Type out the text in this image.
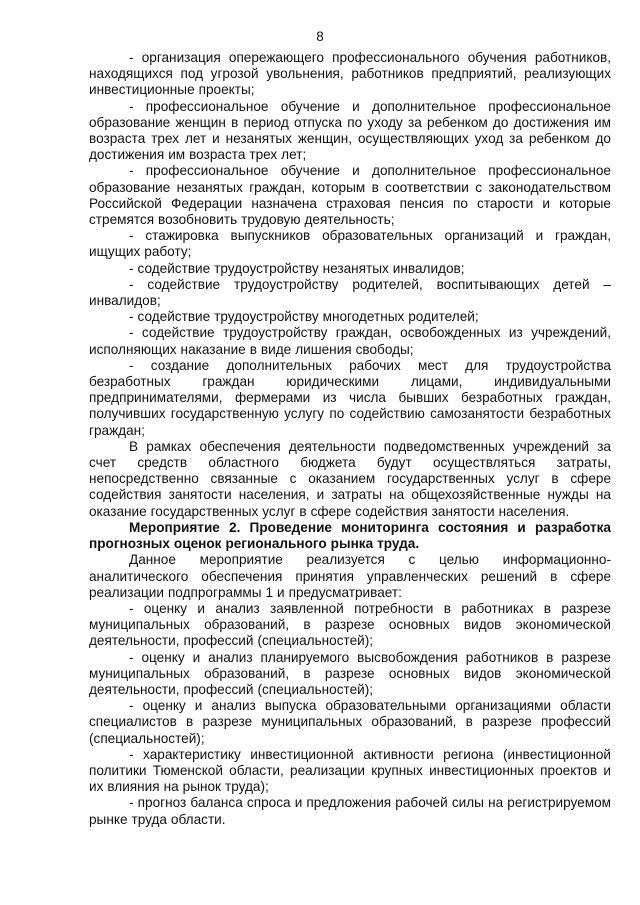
8

- организация опережающего профессионального обучения работников, находящихся под угрозой увольнения, работников предприятий, реализующих инвестиционные проекты;

- профессиональное обучение и дополнительное профессиональное образование женщин в период отпуска по уходу за ребенком до достижения им возраста трех лет и незанятых женщин, осуществляющих уход за ребенком до достижения им возраста трех лет;

- профессиональное обучение и дополнительное профессиональное образование незанятых граждан, которым в соответствии с законодательством Российской Федерации назначена страховая пенсия по старости и которые стремятся возобновить трудовую деятельность;

- стажировка выпускников образовательных организаций и граждан, ищущих работу;

- содействие трудоустройству незанятых инвалидов;

- содействие трудоустройству родителей, воспитывающих детей – инвалидов;

- содействие трудоустройству многодетных родителей;

- содействие трудоустройству граждан, освобожденных из учреждений, исполняющих наказание в виде лишения свободы;

- создание дополнительных рабочих мест для трудоустройства безработных граждан юридическими лицами, индивидуальными предпринимателями, фермерами из числа бывших безработных граждан, получивших государственную услугу по содействию самозанятости безработных граждан;

В рамках обеспечения деятельности подведомственных учреждений за счет средств областного бюджета будут осуществляться затраты, непосредственно связанные с оказанием государственных услуг в сфере содействия занятости населения, и затраты на общехозяйственные нужды на оказание государственных услуг в сфере содействия занятости населения.

Мероприятие 2. Проведение мониторинга состояния и разработка прогнозных оценок регионального рынка труда.

Данное мероприятие реализуется с целью информационно-аналитического обеспечения принятия управленческих решений в сфере реализации подпрограммы 1 и предусматривает:

- оценку и анализ заявленной потребности в работниках в разрезе муниципальных образований, в разрезе основных видов экономической деятельности, профессий (специальностей);

- оценку и анализ планируемого высвобождения работников в разрезе муниципальных образований, в разрезе основных видов экономической деятельности, профессий (специальностей);

- оценку и анализ выпуска образовательными организациями области специалистов в разрезе муниципальных образований, в разрезе профессий (специальностей);

- характеристику инвестиционной активности региона (инвестиционной политики Тюменской области, реализации крупных инвестиционных проектов и их влияния на рынок труда);

- прогноз баланса спроса и предложения рабочей силы на регистрируемом рынке труда области.
